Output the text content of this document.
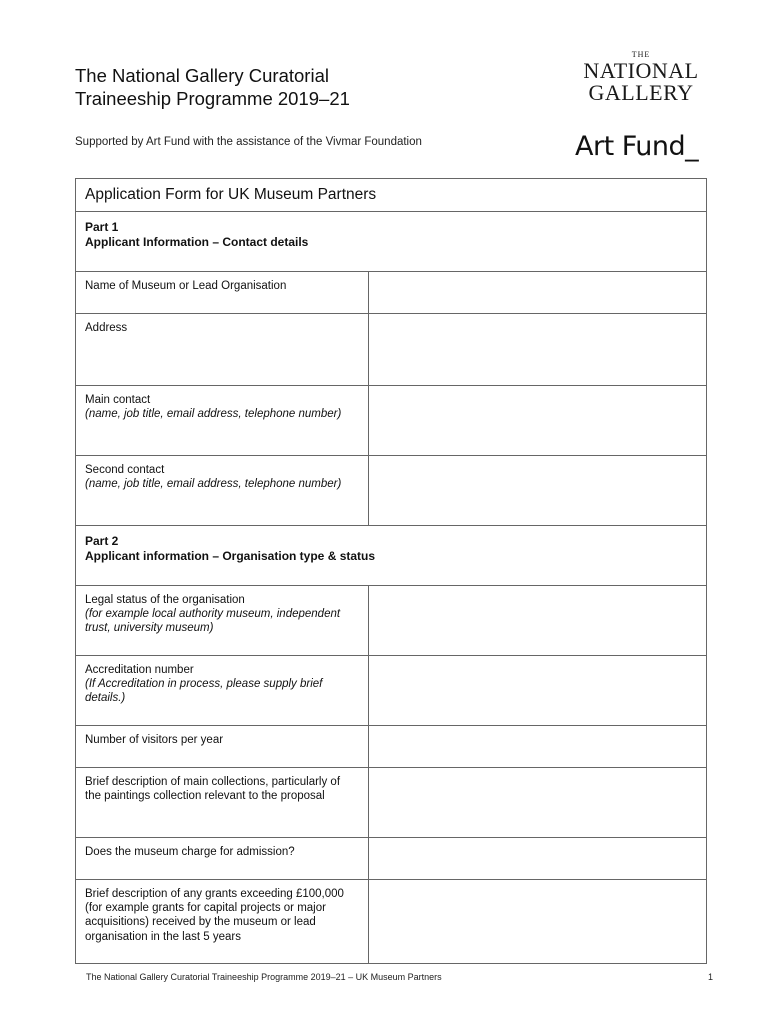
The National Gallery Curatorial
Traineeship Programme 2019–21
Supported by Art Fund with the assistance of the Vivmar Foundation
THE
NATIONAL
GALLERY
Art Fund_
Application Form for UK Museum Partners
Part 1
Applicant Information – Contact details
Name of Museum or Lead Organisation
Address
Main contact
(name, job title, email address, telephone number)
Second contact
(name, job title, email address, telephone number)
Part 2
Applicant information – Organisation type & status
Legal status of the organisation
(for example local authority museum, independent trust, university museum)
Accreditation number
(If Accreditation in process, please supply brief details.)
Number of visitors per year
Brief description of main collections, particularly of the paintings collection relevant to the proposal
Does the museum charge for admission?
Brief description of any grants exceeding £100,000 (for example grants for capital projects or major acquisitions) received by the museum or lead organisation in the last 5 years
The National Gallery Curatorial Traineeship Programme 2019–21 – UK Museum Partners	1
